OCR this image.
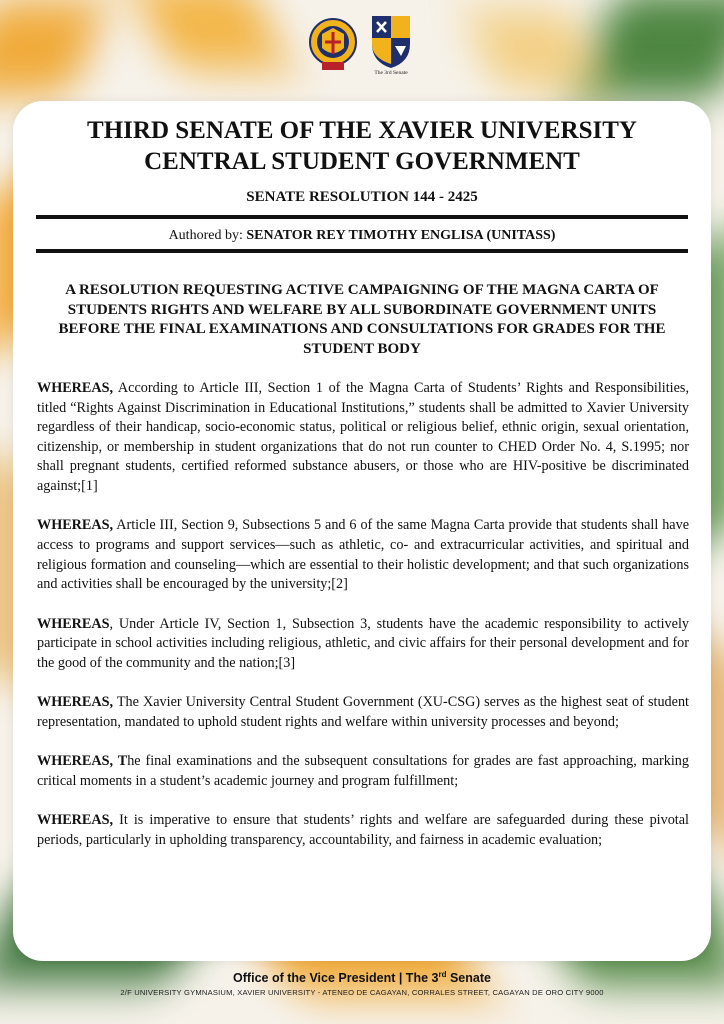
The 3rd Senate
THIRD SENATE OF THE XAVIER UNIVERSITY
CENTRAL STUDENT GOVERNMENT
SENATE RESOLUTION 144 - 2425
Authored by: SENATOR REY TIMOTHY ENGLISA (UNITASS)
A RESOLUTION REQUESTING ACTIVE CAMPAIGNING OF THE MAGNA CARTA OF STUDENTS RIGHTS AND WELFARE BY ALL SUBORDINATE GOVERNMENT UNITS BEFORE THE FINAL EXAMINATIONS AND CONSULTATIONS FOR GRADES FOR THE STUDENT BODY

WHEREAS, According to Article III, Section 1 of the Magna Carta of Students’ Rights and Responsibilities, titled “Rights Against Discrimination in Educational Institutions,” students shall be admitted to Xavier University regardless of their handicap, socio-economic status, political or religious belief, ethnic origin, sexual orientation, citizenship, or membership in student organizations that do not run counter to CHED Order No. 4, S.1995; nor shall pregnant students, certified reformed substance abusers, or those who are HIV-positive be discriminated against;[1]

WHEREAS, Article III, Section 9, Subsections 5 and 6 of the same Magna Carta provide that students shall have access to programs and support services—such as athletic, co- and extracurricular activities, and spiritual and religious formation and counseling—which are essential to their holistic development; and that such organizations and activities shall be encouraged by the university;[2]

WHEREAS, Under Article IV, Section 1, Subsection 3, students have the academic responsibility to actively participate in school activities including religious, athletic, and civic affairs for their personal development and for the good of the community and the nation;[3]

WHEREAS, The Xavier University Central Student Government (XU-CSG) serves as the highest seat of student representation, mandated to uphold student rights and welfare within university processes and beyond;

WHEREAS, The final examinations and the subsequent consultations for grades are fast approaching, marking critical moments in a student’s academic journey and program fulfillment;

WHEREAS, It is imperative to ensure that students’ rights and welfare are safeguarded during these pivotal periods, particularly in upholding transparency, accountability, and fairness in academic evaluation;

Office of the Vice President | The 3rd Senate
2/F UNIVERSITY GYMNASIUM, XAVIER UNIVERSITY - ATENEO DE CAGAYAN, CORRALES STREET, CAGAYAN DE ORO CITY 9000
